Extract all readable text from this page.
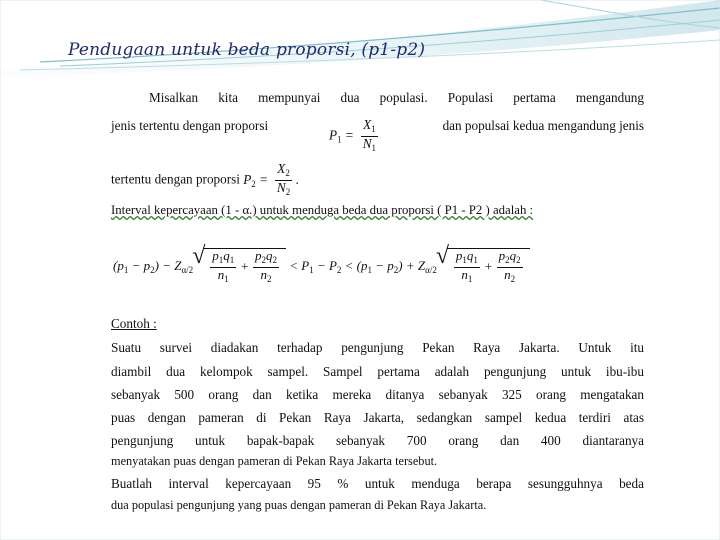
Pendugaan untuk beda proporsi, (p1-p2)
Misalkan kita mempunyai dua populasi. Populasi pertama mengandung
jenis tertentu dengan proporsi
$P_1 = \frac{X_1}{N_1}$	dan populsai kedua mengandung jenis
tertentu dengan proporsi $P_2 = \frac{X_2}{N_2}$ .
Interval kepercayaan (1 - α.) untuk menduga beda dua proporsi ( P1 - P2 ) adalah :
$(p_1 - p_2) - Z_{\alpha/2}$ √ $\frac{p_1q_1}{n_1} + \frac{p_2q_2}{n_2} < P_1 - P_2 < (p_1 - p_2) + Z_{\alpha/2}$ √ $\frac{p_1q_1}{n_1} + \frac{p_2q_2}{n_2}$
Contoh :
Suatu survei diadakan terhadap pengunjung Pekan Raya Jakarta. Untuk itu
diambil dua kelompok sampel. Sampel pertama adalah pengunjung untuk ibu-ibu
sebanyak 500 orang dan ketika mereka ditanya sebanyak 325 orang mengatakan
puas dengan pameran di Pekan Raya Jakarta, sedangkan sampel kedua terdiri atas
pengunjung untuk bapak-bapak sebanyak 700 orang dan 400 diantaranya
menyatakan puas dengan pameran di Pekan Raya Jakarta tersebut.
Buatlah interval kepercayaan 95 % untuk menduga berapa sesungguhnya beda
dua populasi pengunjung yang puas dengan pameran di Pekan Raya Jakarta.
